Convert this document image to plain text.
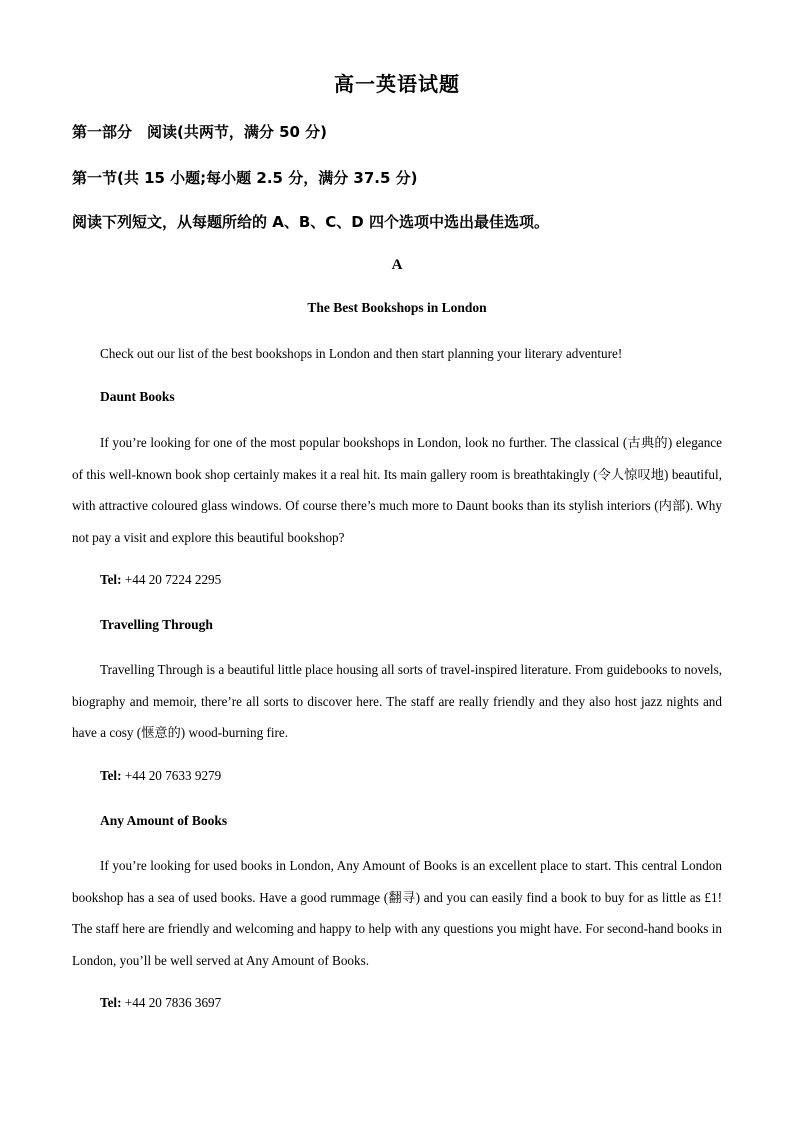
高一英语试题
第一部分　阅读(共两节，满分 50 分)
第一节(共 15 小题;每小题 2.5 分，满分 37.5 分)
阅读下列短文，从每题所给的 A、B、C、D 四个选项中选出最佳选项。
A
The Best Bookshops in London

Check out our list of the best bookshops in London and then start planning your literary adventure!

Daunt Books

If you’re looking for one of the most popular bookshops in London, look no further. The classical (古典的) elegance of this well-known book shop certainly makes it a real hit. Its main gallery room is breathtakingly (令人惊叹地) beautiful, with attractive coloured glass windows. Of course there’s much more to Daunt books than its stylish interiors (内部). Why not pay a visit and explore this beautiful bookshop?

Tel: +44 20 7224 2295
Travelling Through

Travelling Through is a beautiful little place housing all sorts of travel-inspired literature. From guidebooks to novels, biography and memoir, there’re all sorts to discover here. The staff are really friendly and they also host jazz nights and have a cosy (惬意的) wood-burning fire.

Tel: +44 20 7633 9279
Any Amount of Books

If you’re looking for used books in London, Any Amount of Books is an excellent place to start. This central London bookshop has a sea of used books. Have a good rummage (翻寻) and you can easily find a book to buy for as little as £1! The staff here are friendly and welcoming and happy to help with any questions you might have. For second-hand books in London, you’ll be well served at Any Amount of Books.

Tel: +44 20 7836 3697
